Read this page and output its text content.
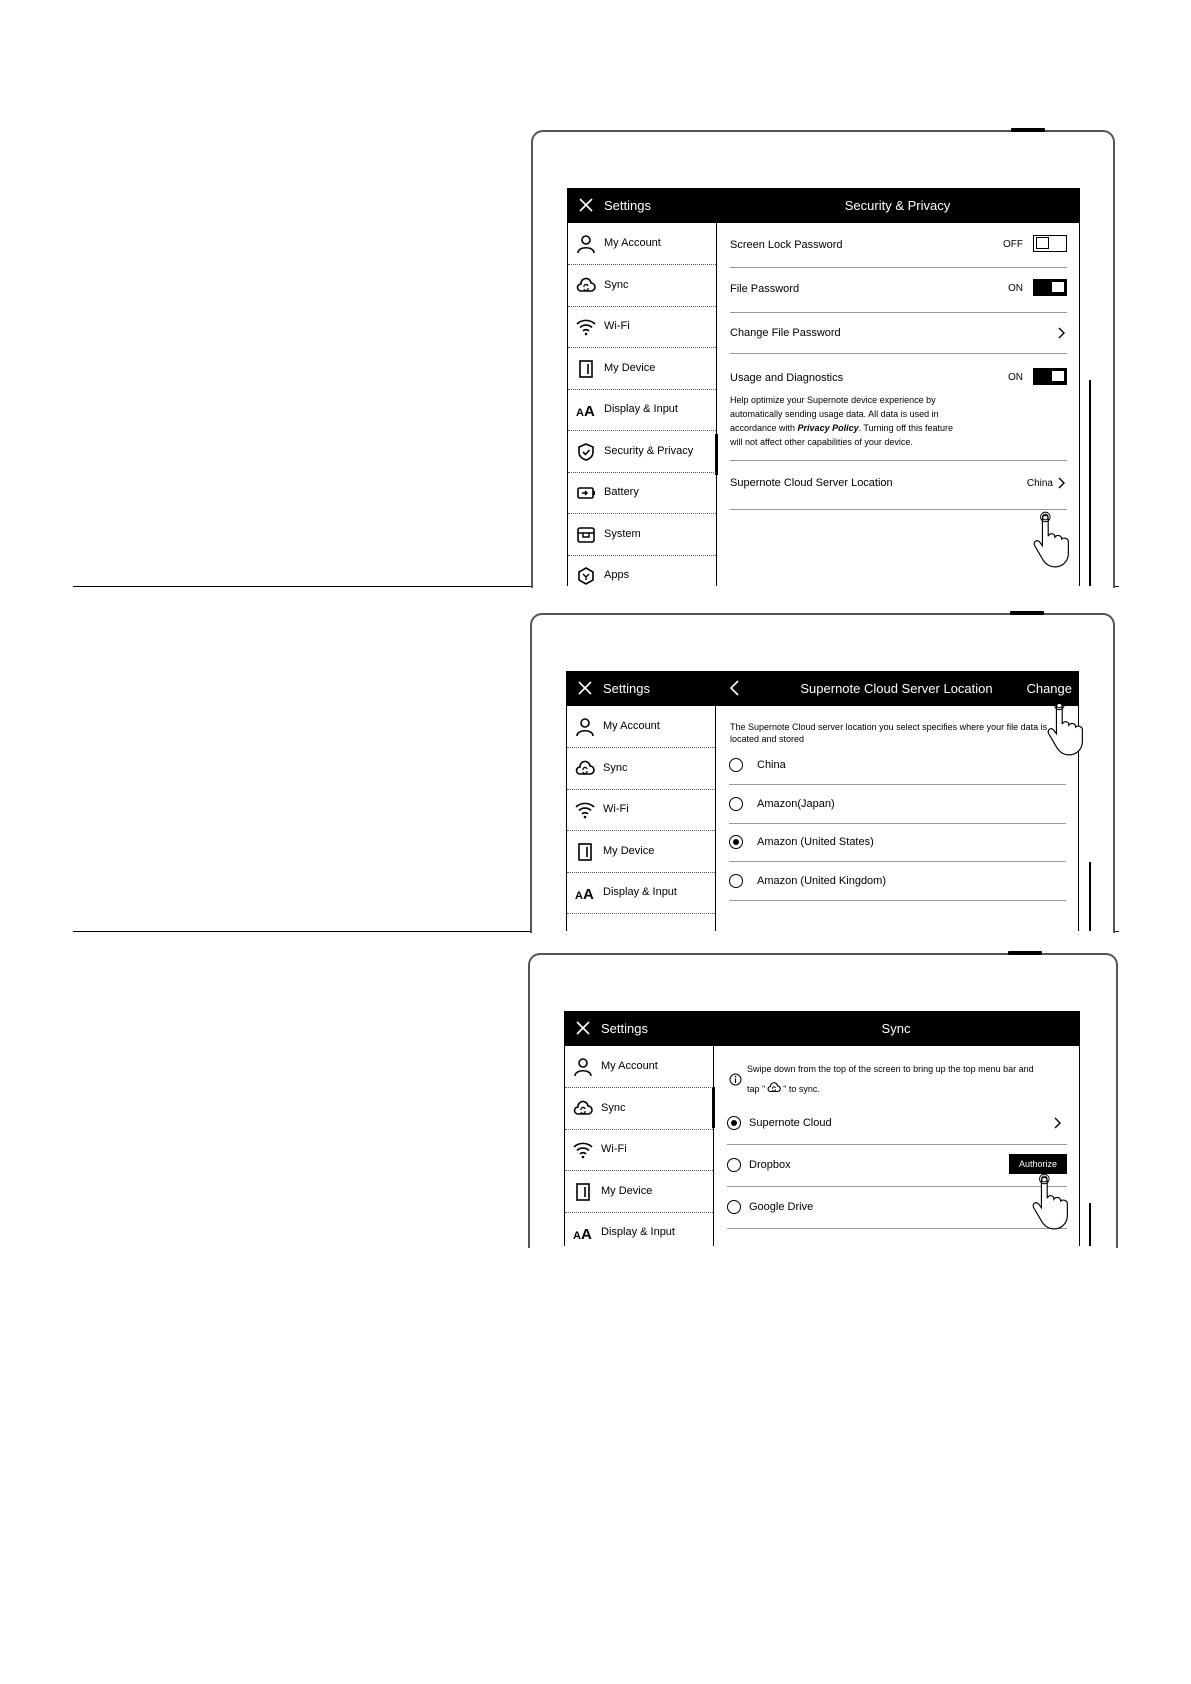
Settings	Security & Privacy
My Account
Sync
Wi-Fi
My Device
Display & Input
Security & Privacy
Battery
System
Apps
Screen Lock Password	OFF
File Password	ON
Change File Password
Usage and Diagnostics	ON
Help optimize your Supernote device experience by automatically sending usage data. All data is used in accordance with Privacy Policy. Turning off this feature will not affect other capabilities of your device.
Supernote Cloud Server Location	China
Settings	Supernote Cloud Server Location	Change
My Account
Sync
Wi-Fi
My Device
Display & Input
The Supernote Cloud server location you select specifies where your file data is located and stored
China
Amazon(Japan)
Amazon (United States)
Amazon (United Kingdom)
Settings	Sync
My Account
Sync
Wi-Fi
My Device
Display & Input
Swipe down from the top of the screen to bring up the top menu bar and tap " " to sync.
Supernote Cloud
Dropbox	Authorize
Google Drive
